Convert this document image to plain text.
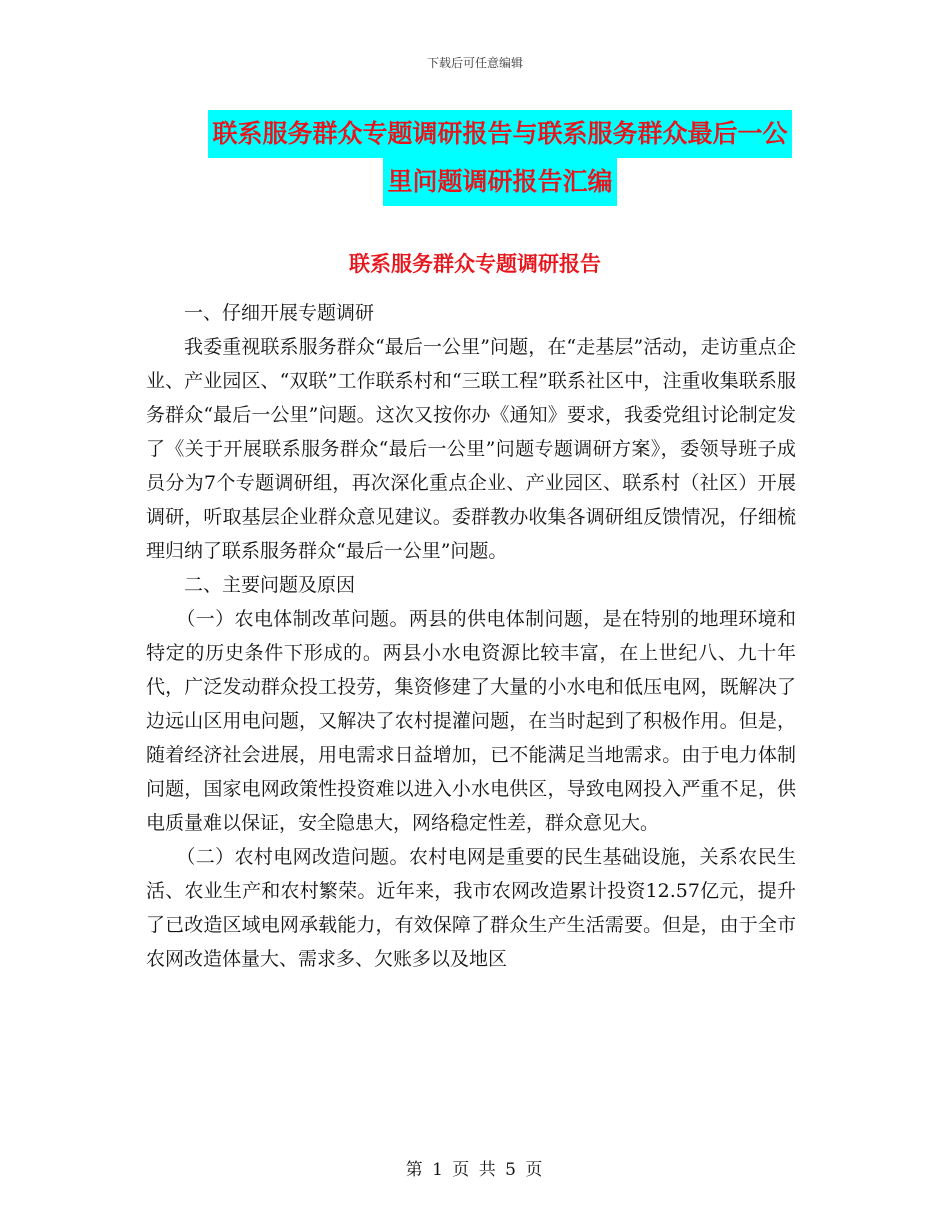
下载后可任意编辑
联系服务群众专题调研报告与联系服务群众最后一公
里问题调研报告汇编
联系服务群众专题调研报告

一、仔细开展专题调研

我委重视联系服务群众“最后一公里”问题，在“走基层”活动，走访重点企业、产业园区、“双联”工作联系村和“三联工程”联系社区中，注重收集联系服务群众“最后一公里”问题。这次又按你办《通知》要求，我委党组讨论制定发了《关于开展联系服务群众“最后一公里”问题专题调研方案》，委领导班子成员分为7个专题调研组，再次深化重点企业、产业园区、联系村（社区）开展调研，听取基层企业群众意见建议。委群教办收集各调研组反馈情况，仔细梳理归纳了联系服务群众“最后一公里”问题。

二、主要问题及原因

（一）农电体制改革问题。两县的供电体制问题，是在特别的地理环境和特定的历史条件下形成的。两县小水电资源比较丰富，在上世纪八、九十年代，广泛发动群众投工投劳，集资修建了大量的小水电和低压电网，既解决了边远山区用电问题，又解决了农村提灌问题，在当时起到了积极作用。但是，随着经济社会进展，用电需求日益增加，已不能满足当地需求。由于电力体制问题，国家电网政策性投资难以进入小水电供区，导致电网投入严重不足，供电质量难以保证，安全隐患大，网络稳定性差，群众意见大。

（二）农村电网改造问题。农村电网是重要的民生基础设施，关系农民生活、农业生产和农村繁荣。近年来，我市农网改造累计投资12.57亿元，提升了已改造区域电网承载能力，有效保障了群众生产生活需要。但是，由于全市农网改造体量大、需求多、欠账多以及地区

第 1 页 共 5 页
